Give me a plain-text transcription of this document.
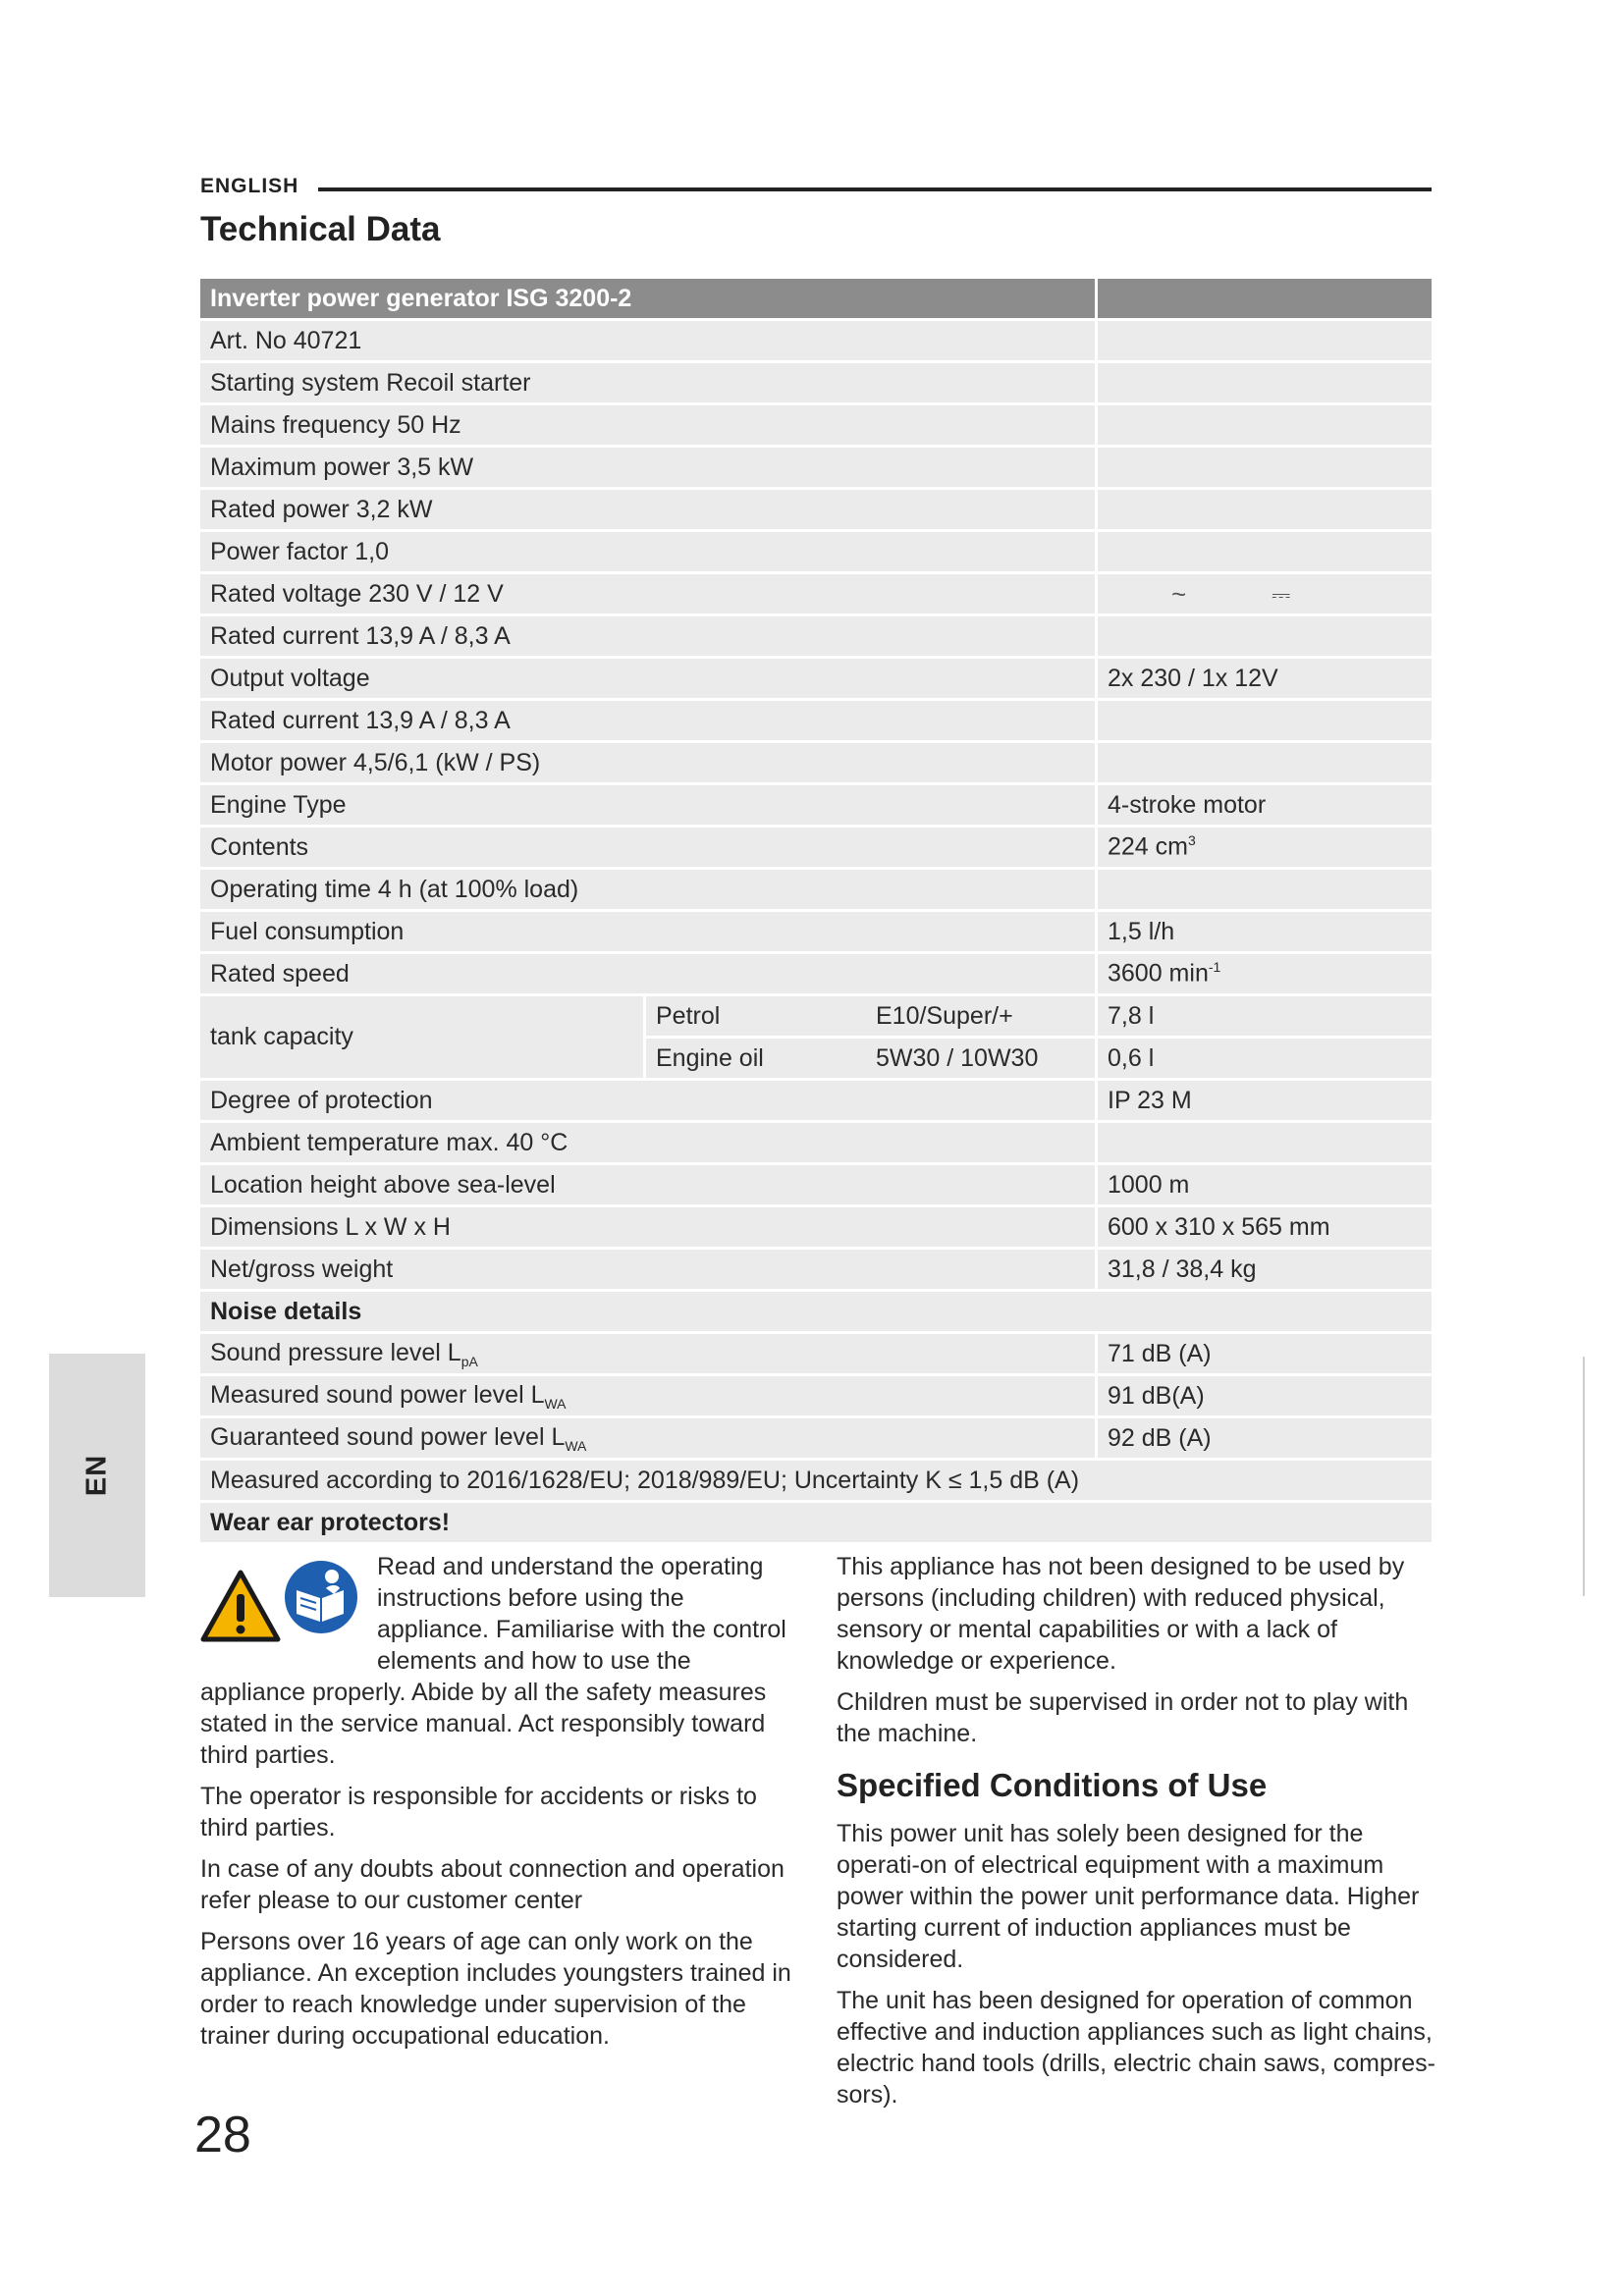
ENGLISH
Technical Data
Inverter power generator ISG 3200-2			
Art. No 40721			
Starting system Recoil starter			
Mains frequency 50 Hz			
Maximum power 3,5 kW			
Rated power 3,2 kW			
Power factor 1,0			
Rated voltage 230 V / 12 V			~ ⎓
Rated current 13,9 A / 8,3 A			
Output voltage			2x 230 / 1x 12V
Rated current 13,9 A / 8,3 A			
Motor power 4,5/6,1 (kW / PS)			
Engine Type			4-stroke motor
Contents			224 $cm^3$
Operating time 4 h (at 100% load)			
Fuel consumption			1,5 l/h
Rated speed			3600 $\min^{-1}$
tank capacity	Petrol	E10/Super/+	7,8 l
	Engine oil	5W30 / 10W30	0,6 l
Degree of protection			IP 23 M
Ambient temperature max. 40 °C			
Location height above sea-level			1000 m
Dimensions L x W x H			600 x 310 x 565 mm
Net/gross weight			31,8 / 38,4 kg
Noise details			
Sound pressure level $L_{pA}$			71 dB (A)
Measured sound power level $L_{WA}$			91 dB(A)
Guaranteed sound power level $L_{WA}$			92 dB (A)
Measured according to 2016/1628/EU; 2018/989/EU; Uncertainty K ≤ 1,5 dB (A)			
Wear ear protectors!			
EN

Read and understand the operating instructions before using the appliance. Familiarise with the control elements and how to use the appliance properly. Abide by all the safety measures stated in the service manual. Act responsibly toward third parties.

The operator is responsible for accidents or risks to third parties.

In case of any doubts about connection and operation refer please to our customer center

Persons over 16 years of age can only work on the appliance. An exception includes youngsters trained in order to reach knowledge under supervision of the trainer during occupational education.

This appliance has not been designed to be used by persons (including children) with reduced physical, sensory or mental capabilities or with a lack of knowledge or experience.

Children must be supervised in order not to play with the machine.

Specified Conditions of Use

This power unit has solely been designed for the operati-on of electrical equipment with a maximum power within the power unit performance data. Higher starting current of induction appliances must be considered.

The unit has been designed for operation of common effective and induction appliances such as light chains, electric hand tools (drills, electric chain saws, compres-sors).

28
